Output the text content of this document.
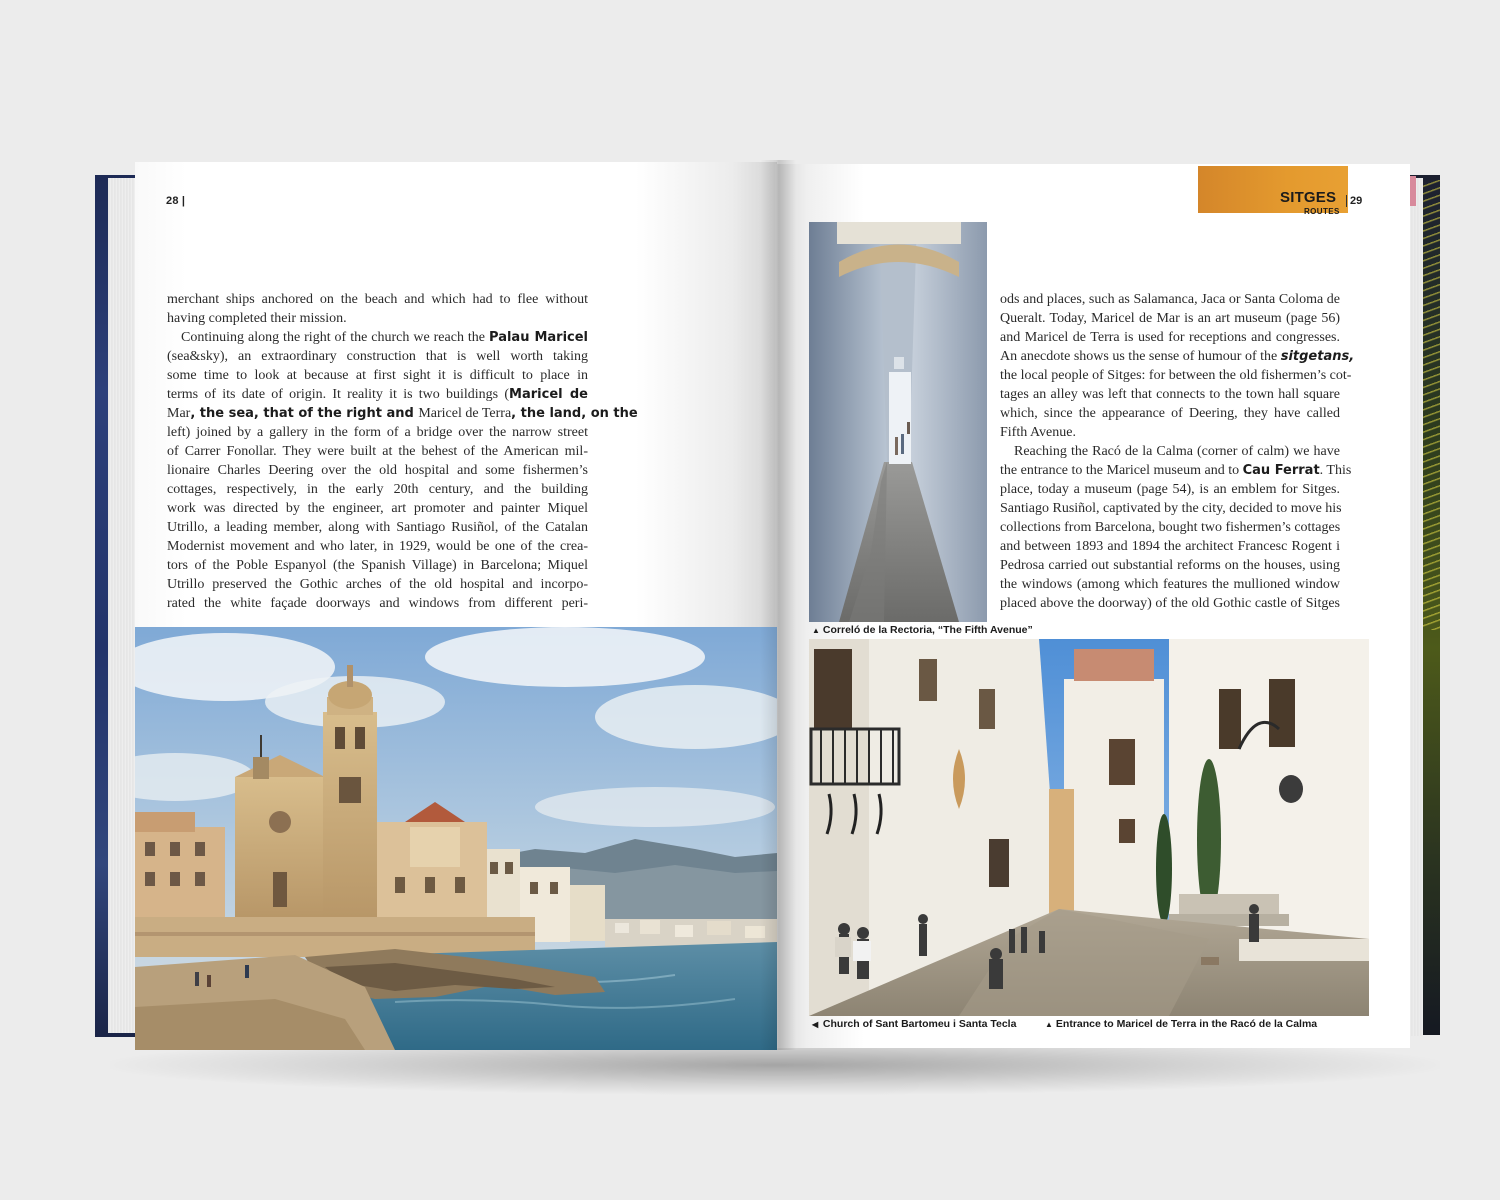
28 |	SITGES
ROUTES
29
merchant ships anchored on the beach and which had to flee without
having completed their mission.
Continuing along the right of the church we reach the Palau Maricel
(sea&sky), an extraordinary construction that is well worth taking
some time to look at because at first sight it is difficult to place in
terms of its date of origin. It reality it is two buildings (Maricel de
Mar, the sea, that of the right and Maricel de Terra, the land, on the
left) joined by a gallery in the form of a bridge over the narrow street
of Carrer Fonollar. They were built at the behest of the American mil-
lionaire Charles Deering over the old hospital and some fishermen’s
cottages, respectively, in the early 20th century, and the building
work was directed by the engineer, art promoter and painter Miquel
Utrillo, a leading member, along with Santiago Rusiñol, of the Catalan
Modernist movement and who later, in 1929, would be one of the crea-
tors of the Poble Espanyol (the Spanish Village) in Barcelona; Miquel
Utrillo preserved the Gothic arches of the old hospital and incorpo-
rated the white façade doorways and windows from different peri-
ods and places, such as Salamanca, Jaca or Santa Coloma de
Queralt. Today, Maricel de Mar is an art museum (page 56)
and Maricel de Terra is used for receptions and congresses.
An anecdote shows us the sense of humour of the sitgetans,
the local people of Sitges: for between the old fishermen’s cot-
tages an alley was left that connects to the town hall square
which, since the appearance of Deering, they have called
Fifth Avenue.
Reaching the Racó de la Calma (corner of calm) we have
the entrance to the Maricel museum and to Cau Ferrat. This
place, today a museum (page 54), is an emblem for Sitges.
Santiago Rusiñol, captivated by the city, decided to move his
collections from Barcelona, bought two fishermen’s cottages
and between 1893 and 1894 the architect Francesc Rogent i
Pedrosa carried out substantial reforms on the houses, using
the windows (among which features the mullioned window
placed above the doorway) of the old Gothic castle of Sitges
▲ Correló de la Rectoria, “The Fifth Avenue”
◀ Church of Sant Bartomeu i Santa Tecla	▲ Entrance to Maricel de Terra in the Racó de la Calma
